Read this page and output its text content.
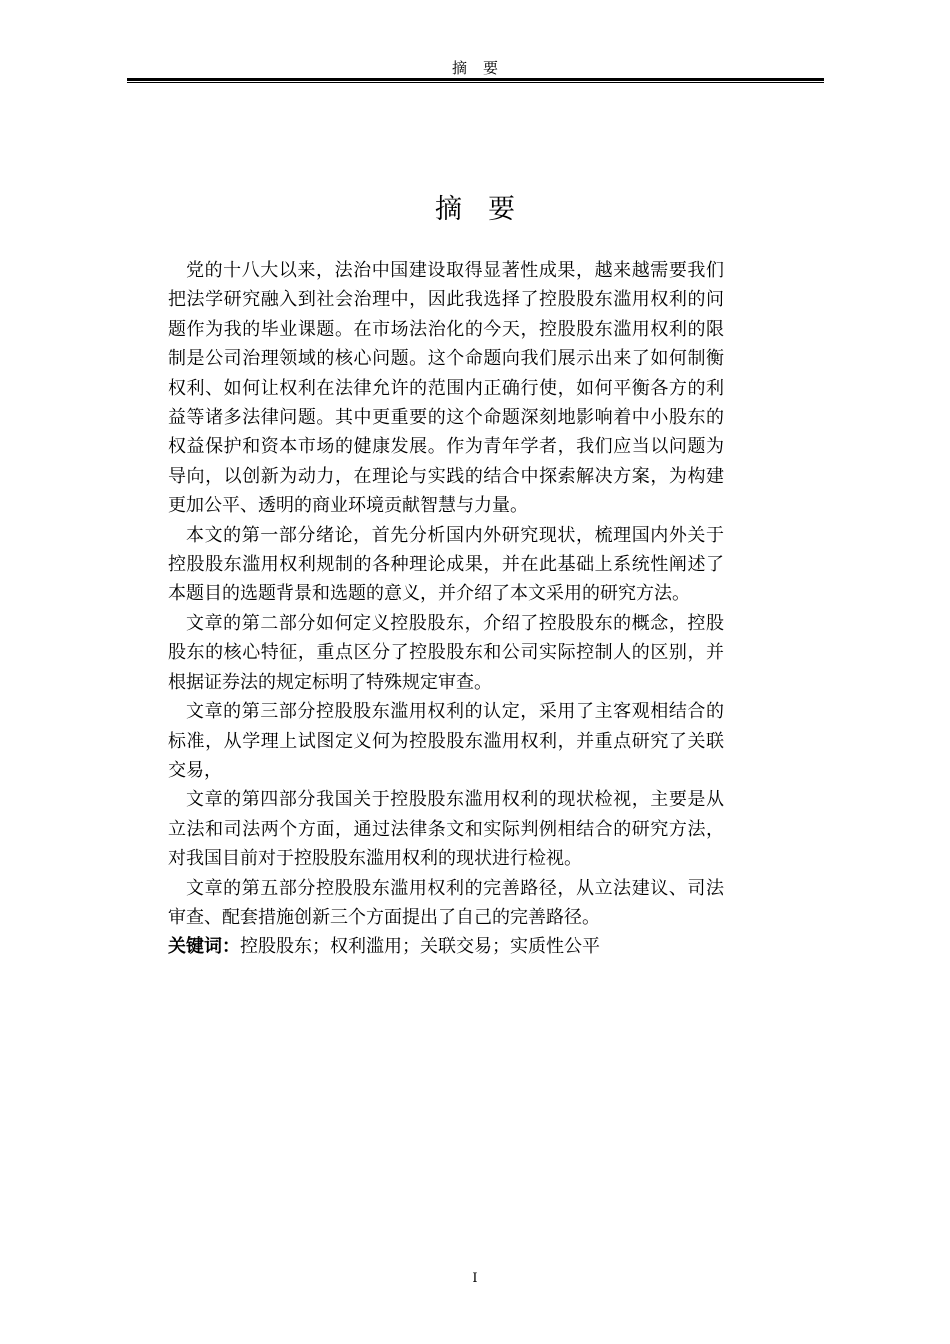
摘要
摘要

党的十八大以来，法治中国建设取得显著性成果，越来越需要我们把法学研究融入到社会治理中，因此我选择了控股股东滥用权利的问题作为我的毕业课题。在市场法治化的今天，控股股东滥用权利的限制是公司治理领域的核心问题。这个命题向我们展示出来了如何制衡权利、如何让权利在法律允许的范围内正确行使，如何平衡各方的利益等诸多法律问题。其中更重要的这个命题深刻地影响着中小股东的权益保护和资本市场的健康发展。作为青年学者，我们应当以问题为导向，以创新为动力，在理论与实践的结合中探索解决方案，为构建更加公平、透明的商业环境贡献智慧与力量。

本文的第一部分绪论，首先分析国内外研究现状，梳理国内外关于控股股东滥用权利规制的各种理论成果，并在此基础上系统性阐述了本题目的选题背景和选题的意义，并介绍了本文采用的研究方法。

文章的第二部分如何定义控股股东，介绍了控股股东的概念，控股股东的核心特征，重点区分了控股股东和公司实际控制人的区别，并根据证券法的规定标明了特殊规定审查。

文章的第三部分控股股东滥用权利的认定，采用了主客观相结合的标准，从学理上试图定义何为控股股东滥用权利，并重点研究了关联交易，

文章的第四部分我国关于控股股东滥用权利的现状检视，主要是从立法和司法两个方面，通过法律条文和实际判例相结合的研究方法，对我国目前对于控股股东滥用权利的现状进行检视。

文章的第五部分控股股东滥用权利的完善路径，从立法建议、司法审查、配套措施创新三个方面提出了自己的完善路径。

关键词：控股股东；权利滥用；关联交易；实质性公平

I
